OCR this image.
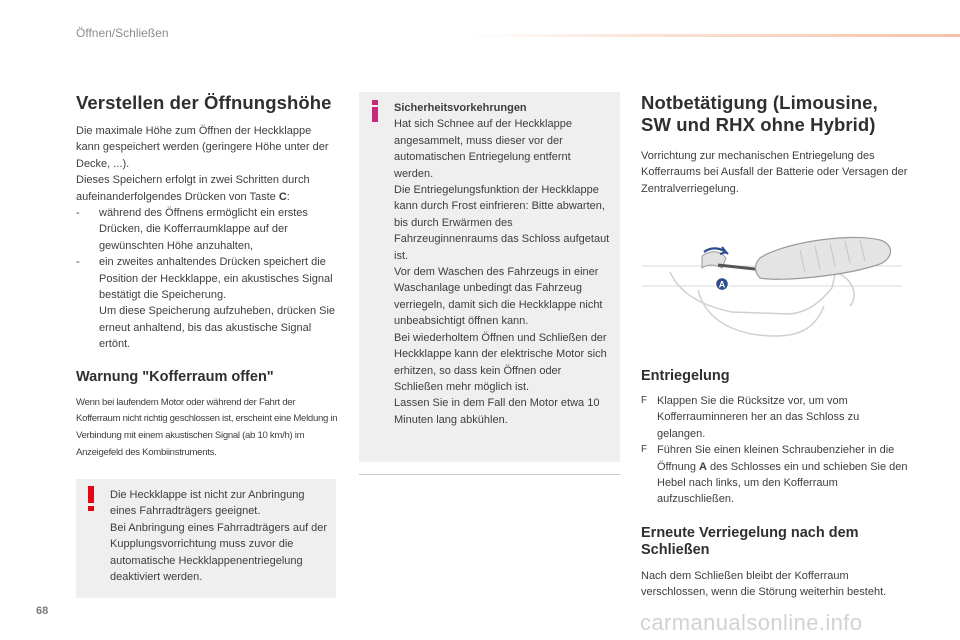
Öffnen/Schließen
Verstellen der Öffnungshöhe
Die maximale Höhe zum Öffnen der Heckklappe kann gespeichert werden (geringere Höhe unter der Decke, ...).
Dieses Speichern erfolgt in zwei Schritten durch aufeinanderfolgendes Drücken von Taste C:
-	während des Öffnens ermöglicht ein erstes Drücken, die Kofferraumklappe auf der gewünschten Höhe anzuhalten,
-	ein zweites anhaltendes Drücken speichert die Position der Heckklappe, ein akustisches Signal bestätigt die Speicherung.
Um diese Speicherung aufzuheben, drücken Sie erneut anhaltend, bis das akustische Signal ertönt.
Warnung "Kofferraum offen"
Wenn bei laufendem Motor oder während der Fahrt der Kofferraum nicht richtig geschlossen ist, erscheint eine Meldung in Verbindung mit einem akustischen Signal (ab 10 km/h) im Anzeigefeld des Kombiinstruments.
Die Heckklappe ist nicht zur Anbringung eines Fahrradträgers geeignet.
Bei Anbringung eines Fahrradträgers auf der Kupplungsvorrichtung muss zuvor die automatische Heckklappenentriegelung deaktiviert werden.
Sicherheitsvorkehrungen
Hat sich Schnee auf der Heckklappe angesammelt, muss dieser vor der automatischen Entriegelung entfernt werden.
Die Entriegelungsfunktion der Heckklappe kann durch Frost einfrieren: Bitte abwarten, bis durch Erwärmen des Fahrzeuginnenraums das Schloss aufgetaut ist.
Vor dem Waschen des Fahrzeugs in einer Waschanlage unbedingt das Fahrzeug verriegeln, damit sich die Heckklappe nicht unbeabsichtigt öffnen kann.
Bei wiederholtem Öffnen und Schließen der Heckklappe kann der elektrische Motor sich erhitzen, so dass kein Öffnen oder Schließen mehr möglich ist.
Lassen Sie in dem Fall den Motor etwa 10 Minuten lang abkühlen.
Notbetätigung (Limousine,
SW und RHX ohne Hybrid)
Vorrichtung zur mechanischen Entriegelung des Kofferraums bei Ausfall der Batterie oder Versagen der Zentralverriegelung.
A
Entriegelung
F Klappen Sie die Rücksitze vor, um vom Kofferrauminneren her an das Schloss zu gelangen.
F Führen Sie einen kleinen Schraubenzieher in die Öffnung A des Schlosses ein und schieben Sie den Hebel nach links, um den Kofferraum aufzuschließen.
Erneute Verriegelung nach dem
Schließen
Nach dem Schließen bleibt der Kofferraum verschlossen, wenn die Störung weiterhin besteht.
68	carmanualsonline.info
